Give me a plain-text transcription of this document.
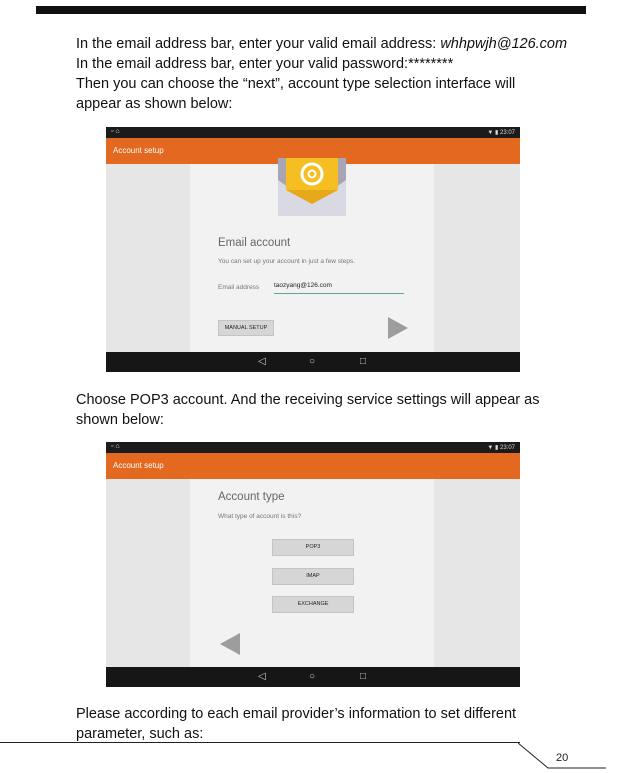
In the email address bar, enter your valid email address: whhpwjh@126.com

In the email address bar, enter your valid password:********

Then you can choose the “next”, account type selection interface will

appear as shown below:

▫ ⌂	▼ ▮ 23:07
Account setup
Email account
You can set up your account in just a few steps.
Email address taozyang@126.com
MANUAL SETUP
◁	○	□

Choose POP3 account. And the receiving service settings will appear as

shown below:

▫ ⌂	▼ ▮ 23:07
Account setup
Account type
What type of account is this?
POP3
IMAP
EXCHANGE
◁	○	□

Please according to each email provider’s information to set different

parameter, such as:

20
